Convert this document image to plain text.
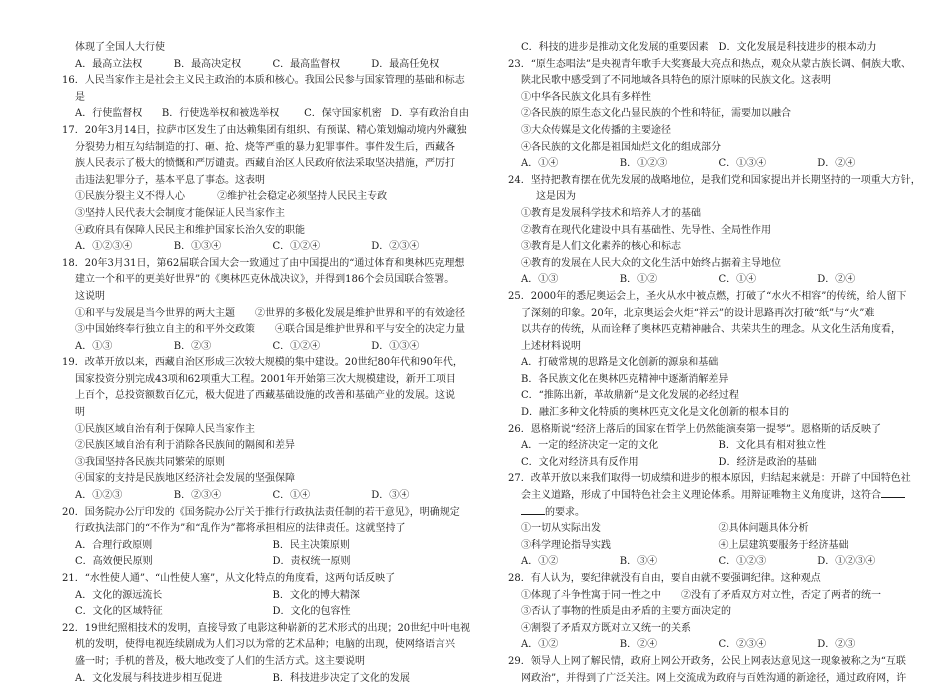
体现了全国人大行使
A．最高立法权	B．最高决定权	C．最高监督权	D．最高任免权
16．人民当家作主是社会主义民主政治的本质和核心。我国公民参与国家管理的基础和标志是
A．行使监督权	B．行使选举权和被选举权	C．保守国家机密 D．享有政治自由
17．20年3月14日，拉萨市区发生了由达赖集团有组织、有预谋、精心策划煽动境内外藏独
分裂势力相互勾结制造的打、砸、抢、烧等严重的暴力犯罪事件。事件发生后，西藏各
族人民表示了极大的愤慨和严厉谴责。西藏自治区人民政府依法采取坚决措施，严厉打
击违法犯罪分子，基本平息了事态。这表明
①民族分裂主义不得人心	②维护社会稳定必须坚持人民民主专政
③坚持人民代表大会制度才能保证人民当家作主
④政府具有保障人民民主和维护国家长治久安的职能
A．①②③④	B．①③④	C．①②④	D．②③④
18．20年3月31日，第62届联合国大会一致通过了由中国提出的“通过体育和奥林匹克理想
建立一个和平的更美好世界”的《奥林匹克休战决议》，并得到186个会员国联合签署。
这说明
①和平与发展是当今世界的两大主题　　②世界的多极化发展是维护世界和平的有效途径
③中国始终奉行独立自主的和平外交政策　　④联合国是维护世界和平与安全的决定力量
A．①③	B．②③	C．①②④	D．①③④
19．改革开放以来，西藏自治区形成三次较大规模的集中建设。20世纪80年代和90年代，
国家投资分别完成43项和62项重大工程。2001年开始第三次大规模建设，新开工项目
上百个，总投资额数百亿元，极大促进了西藏基础设施的改善和基础产业的发展。这说
明
①民族区域自治有利于保障人民当家作主
②民族区域自治有利于消除各民族间的隔阂和差异
③我国坚持各民族共同繁荣的原则
④国家的支持是民族地区经济社会发展的坚强保障
A．①②③	B．②③④	C．①④	D．③④
20．国务院办公厅印发的《国务院办公厅关于推行行政执法责任制的若干意见》，明确规定
行政执法部门的“不作为”和“乱作为”都将承担相应的法律责任。这就坚持了
A．合理行政原则	B．民主决策原则
C．高效便民原则	D．责权统一原则
21．“水性使人通”、“山性使人塞”，从文化特点的角度看，这两句话反映了
A．文化的源远流长	B．文化的博大精深
C．文化的区域特征	D．文化的包容性
22．19世纪照相技术的发明，直接导致了电影这种崭新的艺术形式的出现；20世纪中叶电视
机的发明，使得电视连续剧成为人们习以为常的艺术品种；电脑的出现，使网络语言兴
盛一时；手机的普及，极大地改变了人们的生活方式。这主要说明
A．文化发展与科技进步相互促进	B．科技进步决定了文化的发展
C．科技的进步是推动文化发展的重要因素 D．文化发展是科技进步的根本动力
23．“原生态唱法”是央视青年歌手大奖赛最大亮点和热点，观众从蒙古族长调、侗族大歌、
陕北民歌中感受到了不同地域各具特色的原汁原味的民族文化。这表明
①中华各民族文化具有多样性
②各民族的原生态文化凸显民族的个性和特征，需要加以融合
③大众传媒是文化传播的主要途径
④各民族的文化都是祖国灿烂文化的组成部分
A．①④	B．①②③	C．①③④	D．②④
24．坚持把教育摆在优先发展的战略地位，是我们党和国家提出并长期坚持的一项重大方针，
这是因为
①教育是发展科学技术和培养人才的基础
②教育在现代化建设中具有基础性、先导性、全局性作用
③教育是人们文化素养的核心和标志
④教育的发展在人民大众的文化生活中始终占据着主导地位
A．①③	B．①②	C．①④	D．②④
25．2000年的悉尼奥运会上，圣火从水中被点燃，打破了“水火不相容”的传统，给人留下
了深刻的印象。20年，北京奥运会火炬“祥云”的设计思路再次打破“纸”与“火”难
以共存的传统，从而诠释了奥林匹克精神融合、共荣共生的理念。从文化生活角度看，
上述材料说明
A．打破常规的思路是文化创新的源泉和基础
B．各民族文化在奥林匹克精神中逐渐消解差异
C．“推陈出新，革故鼎新”是文化发展的必经过程
D．融汇多种文化特质的奥林匹克文化是文化创新的根本目的
26．恩格斯说“经济上落后的国家在哲学上仍然能演奏第一提琴”。恩格斯的话反映了
A．一定的经济决定一定的文化	B．文化具有相对独立性
C．文化对经济具有反作用	D．经济是政治的基础
27．改革开放以来我们取得一切成绩和进步的根本原因，归结起来就是：开辟了中国特色社
会主义道路，形成了中国特色社会主义理论体系。用辩证唯物主义角度讲，这符合
的要求。
①一切从实际出发	②具体问题具体分析
③科学理论指导实践	④上层建筑要服务于经济基础
A．①②	B．③④	C．①②③	D．①②③④
28．有人认为，要纪律就没有自由，要自由就不要强调纪律。这种观点
①体现了斗争性寓于同一性之中　　②没有了矛盾双方对立性，否定了两者的统一
③否认了事物的性质是由矛盾的主要方面决定的
④割裂了矛盾双方既对立又统一的关系
A．①②	B．②④	C．②③④	D．②③
29．领导人上网了解民情，政府上网公开政务，公民上网表达意见这一现象被称之为“互联
网政治”，并得到了广泛关注。网上交流成为政府与百姓沟通的新途径，通过政府网，许
